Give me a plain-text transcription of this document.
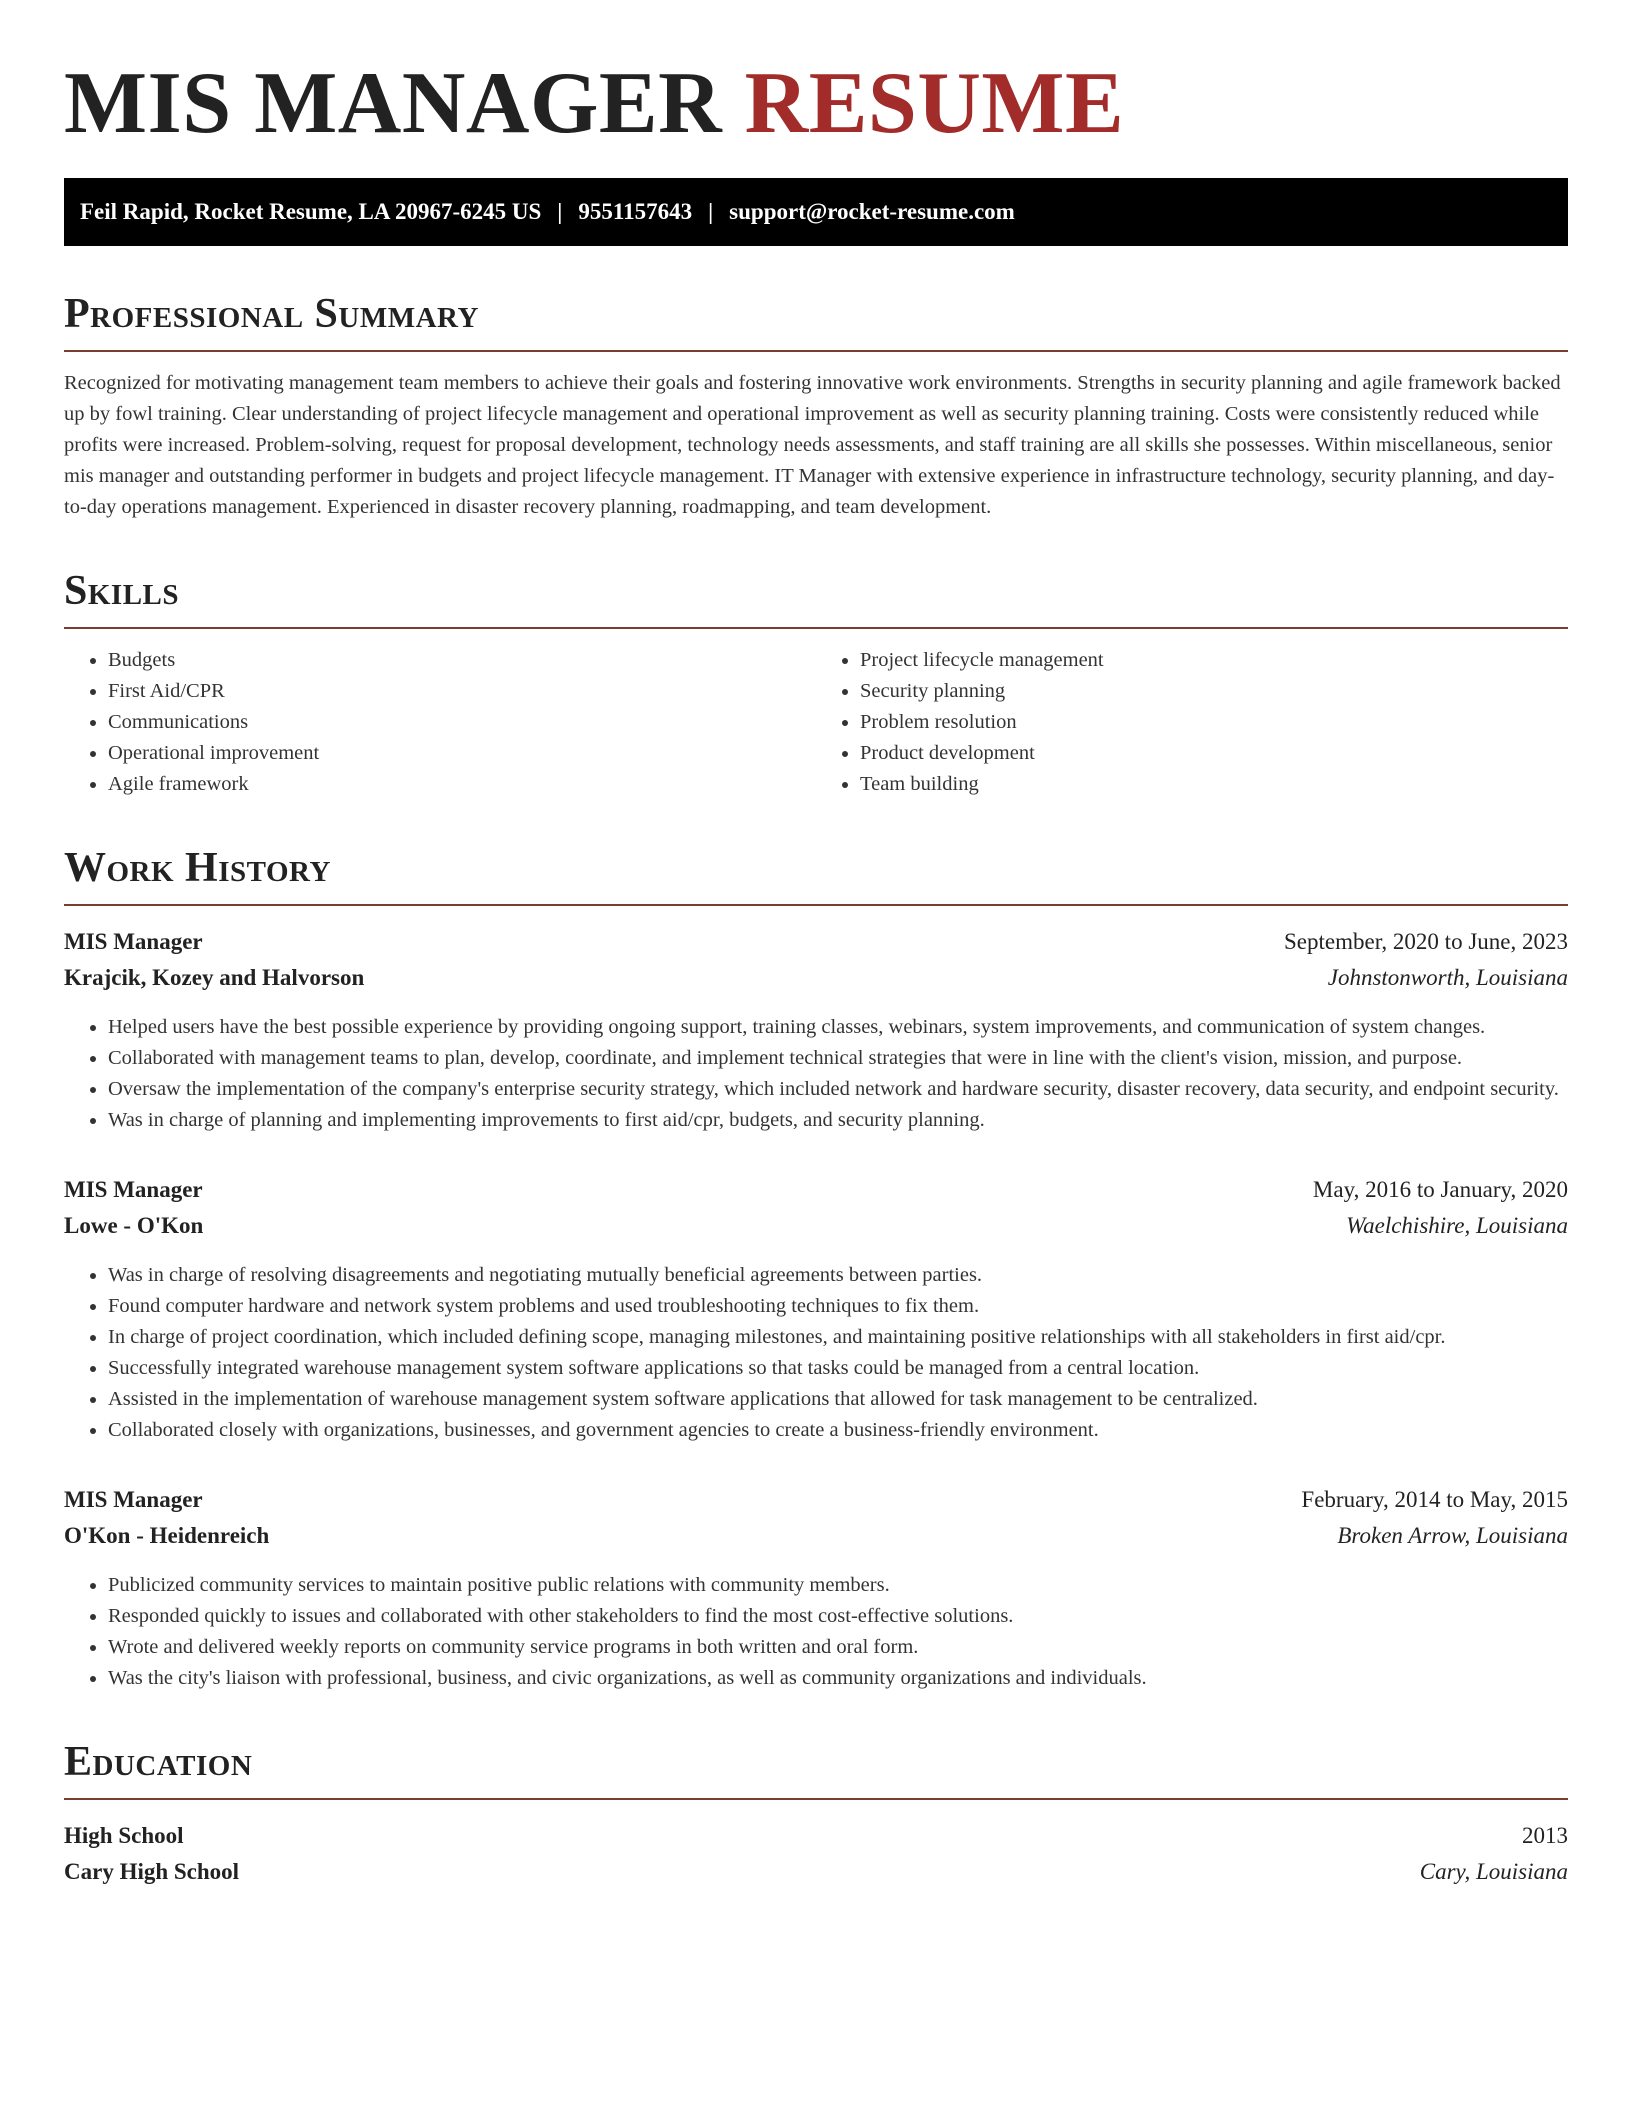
MIS MANAGER RESUME
Feil Rapid, Rocket Resume, LA 20967-6245 US | 9551157643 | support@rocket-resume.com
Professional Summary

Recognized for motivating management team members to achieve their goals and fostering innovative work environments. Strengths in security planning and agile framework backed up by fowl training. Clear understanding of project lifecycle management and operational improvement as well as security planning training. Costs were consistently reduced while profits were increased. Problem-solving, request for proposal development, technology needs assessments, and staff training are all skills she possesses. Within miscellaneous, senior mis manager and outstanding performer in budgets and project lifecycle management. IT Manager with extensive experience in infrastructure technology, security planning, and day-to-day operations management. Experienced in disaster recovery planning, roadmapping, and team development.

Skills
• Budgets
• First Aid/CPR
• Communications
• Operational improvement
• Agile framework
• Project lifecycle management
• Security planning
• Problem resolution
• Product development
• Team building
Work History
MIS Manager	September, 2020 to June, 2023
Krajcik, Kozey and Halvorson	Johnstonworth, Louisiana
• Helped users have the best possible experience by providing ongoing support, training classes, webinars, system improvements, and communication of system changes.
• Collaborated with management teams to plan, develop, coordinate, and implement technical strategies that were in line with the client's vision, mission, and purpose.
• Oversaw the implementation of the company's enterprise security strategy, which included network and hardware security, disaster recovery, data security, and endpoint security.
• Was in charge of planning and implementing improvements to first aid/cpr, budgets, and security planning.
MIS Manager	May, 2016 to January, 2020
Lowe - O'Kon	Waelchishire, Louisiana
• Was in charge of resolving disagreements and negotiating mutually beneficial agreements between parties.
• Found computer hardware and network system problems and used troubleshooting techniques to fix them.
• In charge of project coordination, which included defining scope, managing milestones, and maintaining positive relationships with all stakeholders in first aid/cpr.
• Successfully integrated warehouse management system software applications so that tasks could be managed from a central location.
• Assisted in the implementation of warehouse management system software applications that allowed for task management to be centralized.
• Collaborated closely with organizations, businesses, and government agencies to create a business-friendly environment.
MIS Manager	February, 2014 to May, 2015
O'Kon - Heidenreich	Broken Arrow, Louisiana
• Publicized community services to maintain positive public relations with community members.
• Responded quickly to issues and collaborated with other stakeholders to find the most cost-effective solutions.
• Wrote and delivered weekly reports on community service programs in both written and oral form.
• Was the city's liaison with professional, business, and civic organizations, as well as community organizations and individuals.
Education
High School	2013
Cary High School	Cary, Louisiana
